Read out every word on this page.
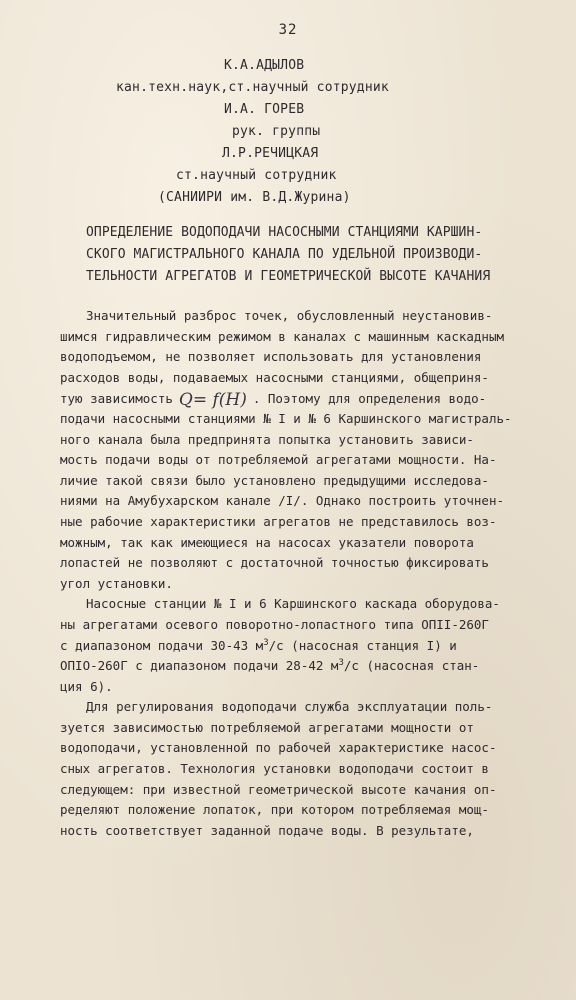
32
К.А.АДЫЛОВ
кан.техн.наук,ст.научный сотрудник
И.А. ГОРЕВ
рук. группы
Л.Р.РЕЧИЦКАЯ
ст.научный сотрудник
(САНИИРИ им. В.Д.Журина)
ОПРЕДЕЛЕНИЕ ВОДОПОДАЧИ НАСОСНЫМИ СТАНЦИЯМИ КАРШИН-
СКОГО МАГИСТРАЛЬНОГО КАНАЛА ПО УДЕЛЬНОЙ ПРОИЗВОДИ-
ТЕЛЬНОСТИ АГРЕГАТОВ И ГЕОМЕТРИЧЕСКОЙ ВЫСОТЕ КАЧАНИЯ
Значительный разброс точек, обусловленный неустановив-
шимся гидравлическим режимом в каналах с машинным каскадным
водоподъемом, не позволяет использовать для установления
расходов воды, подаваемых насосными станциями, общеприня-
тую зависимость Q= f(H) . Поэтому для определения водо-
подачи насосными станциями № I и № 6 Каршинского магистраль-
ного канала была предпринята попытка установить зависи-
мость подачи воды от потребляемой агрегатами мощности. На-
личие такой связи было установлено предыдущими исследова-
ниями на Амубухарском канале /I/. Однако построить уточнен-
ные рабочие характеристики агрегатов не представилось воз-
можным, так как имеющиеся на насосах указатели поворота
лопастей не позволяют с достаточной точностью фиксировать
угол установки.
Насосные станции № I и 6 Каршинского каскада оборудова-
ны агрегатами осевого поворотно-лопастного типа ОПII-260Г
с диапазоном подачи 30-43 $м^3/с$ (насосная станция I) и
ОПIО-260Г с диапазоном подачи 28-42 $м^3/с$ (насосная стан-
ция 6).
Для регулирования водоподачи служба эксплуатации поль-
зуется зависимостью потребляемой агрегатами мощности от
водоподачи, установленной по рабочей характеристике насос-
сных агрегатов. Технология установки водоподачи состоит в
следующем: при известной геометрической высоте качания оп-
ределяют положение лопаток, при котором потребляемая мощ-
ность соответствует заданной подаче воды. В результате,
